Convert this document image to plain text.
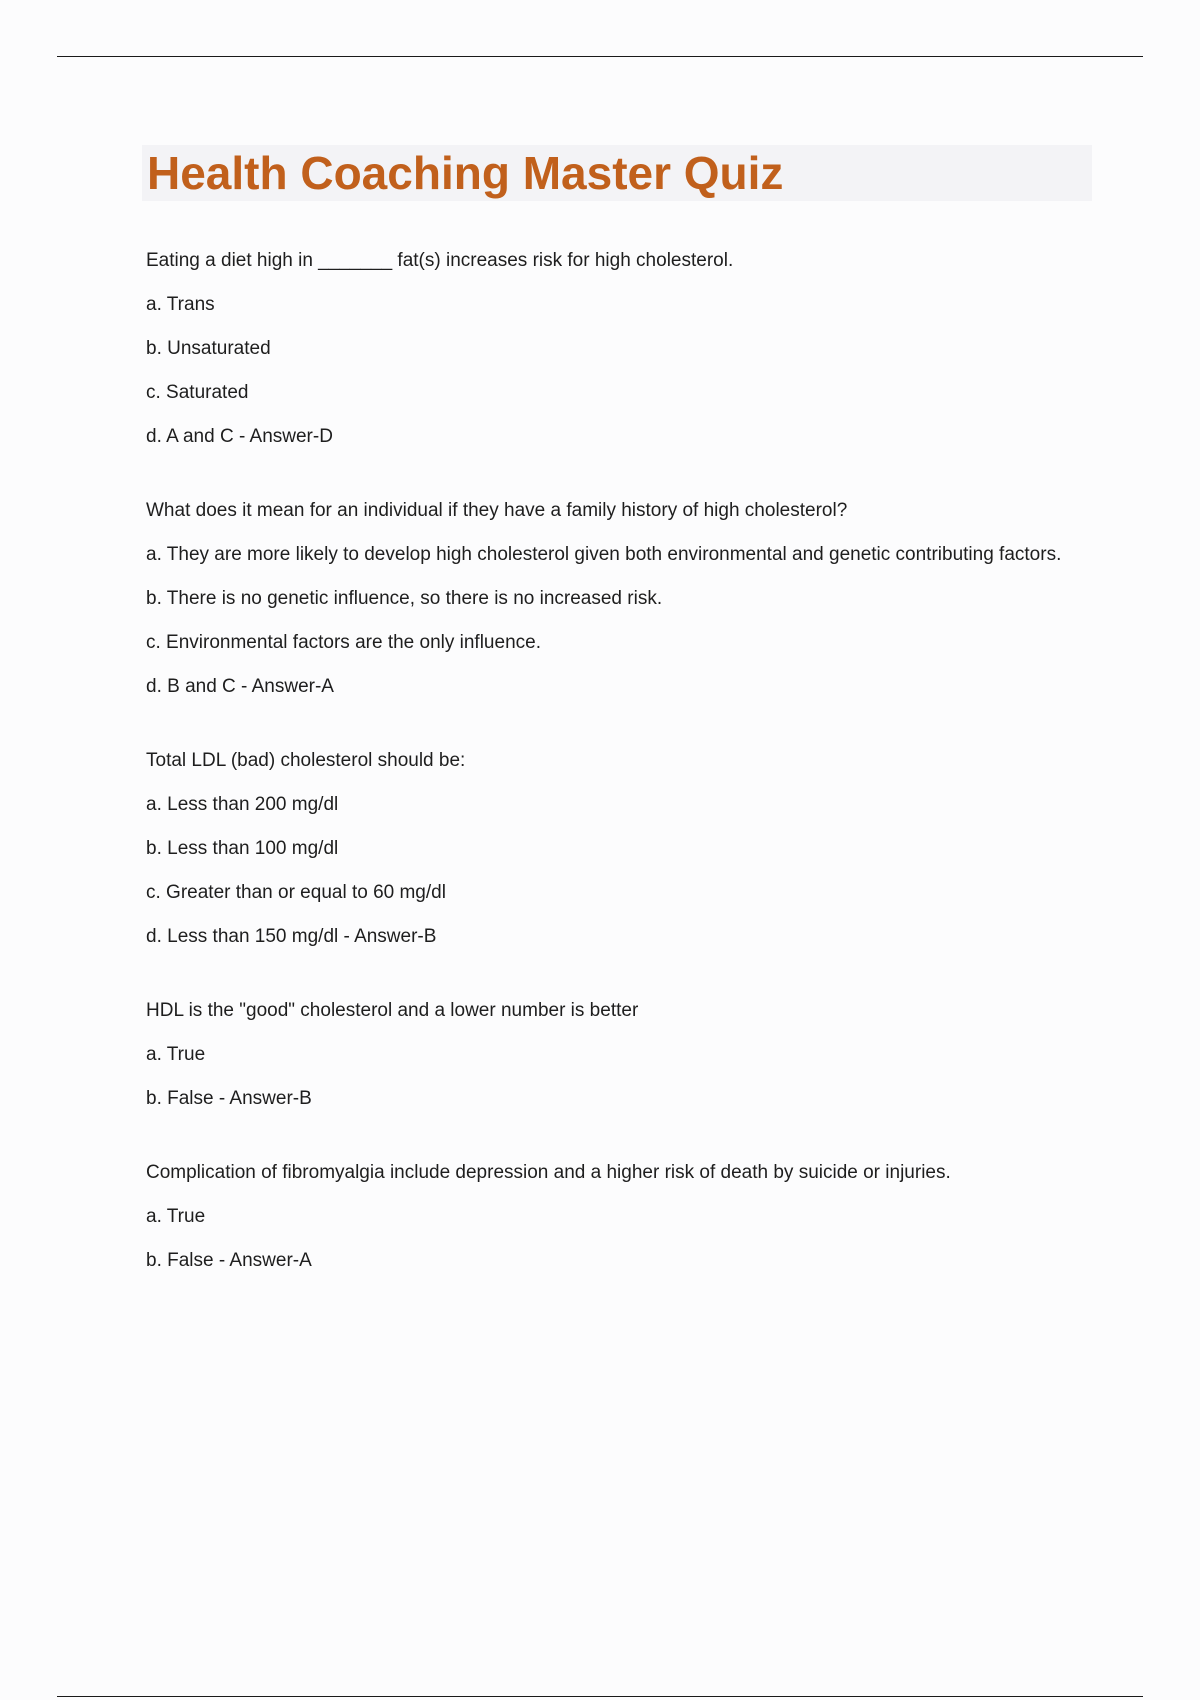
Health Coaching Master Quiz

Eating a diet high in _______ fat(s) increases risk for high cholesterol.

a. Trans

b. Unsaturated

c. Saturated

d. A and C - Answer-D

What does it mean for an individual if they have a family history of high cholesterol?

a. They are more likely to develop high cholesterol given both environmental and genetic contributing factors.

b. There is no genetic influence, so there is no increased risk.

c. Environmental factors are the only influence.

d. B and C - Answer-A

Total LDL (bad) cholesterol should be:

a. Less than 200 mg/dl

b. Less than 100 mg/dl

c. Greater than or equal to 60 mg/dl

d. Less than 150 mg/dl - Answer-B

HDL is the "good" cholesterol and a lower number is better

a. True

b. False - Answer-B

Complication of fibromyalgia include depression and a higher risk of death by suicide or injuries.

a. True

b. False - Answer-A
